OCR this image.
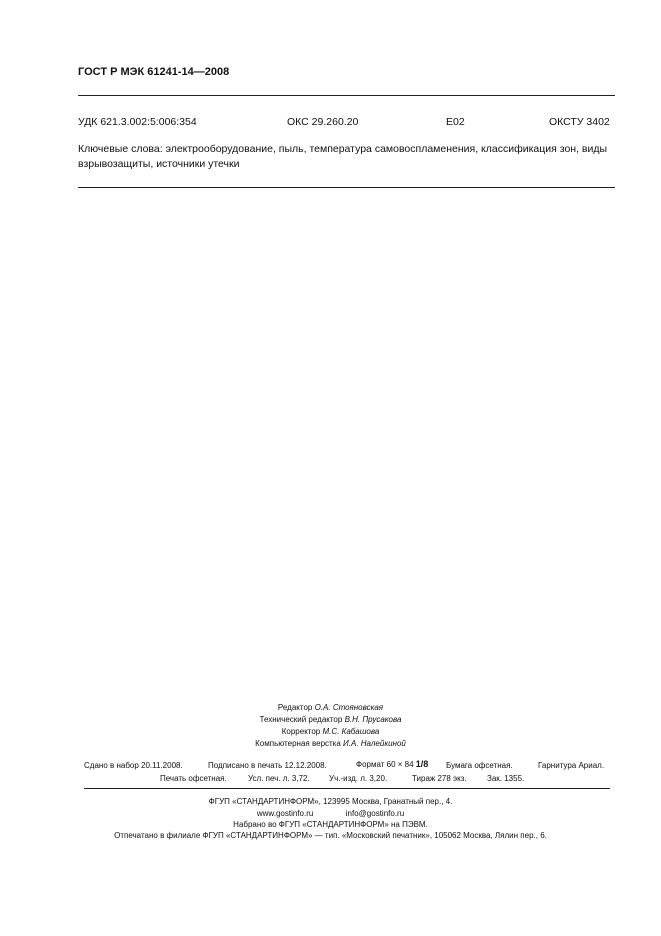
ГОСТ Р МЭК 61241-14—2008
УДК 621.3.002:5:006:354	ОКС 29.260.20	Е02	ОКСТУ 3402
Ключевые слова: электрооборудование, пыль, температура самовоспламенения, классификация зон, виды взрывозащиты, источники утечки
Редактор О.А. Стояновская
Технический редактор В.Н. Прусакова
Корректор М.С. Кабашова
Компьютерная верстка И.А. Налейкиной
Сдано в набор 20.11.2008.	Подписано в печать 12.12.2008.	Формат 60 × 84 1/8 Бумага офсетная.	Гарнитура Ариал.
Печать офсетная.	Усл. печ. л. 3,72. Уч.-изд. л. 3,20.	Тираж 278 экз.	Зак. 1355.
ФГУП «СТАНДАРТИНФОРМ», 123995 Москва, Гранатный пер., 4.
www.gostinfo.ru	info@gostinfo.ru
Набрано во ФГУП «СТАНДАРТИНФОРМ» на ПЭВМ.
Отпечатано в филиале ФГУП «СТАНДАРТИНФОРМ» — тип. «Московский печатник», 105062 Москва, Лялин пер., 6.
